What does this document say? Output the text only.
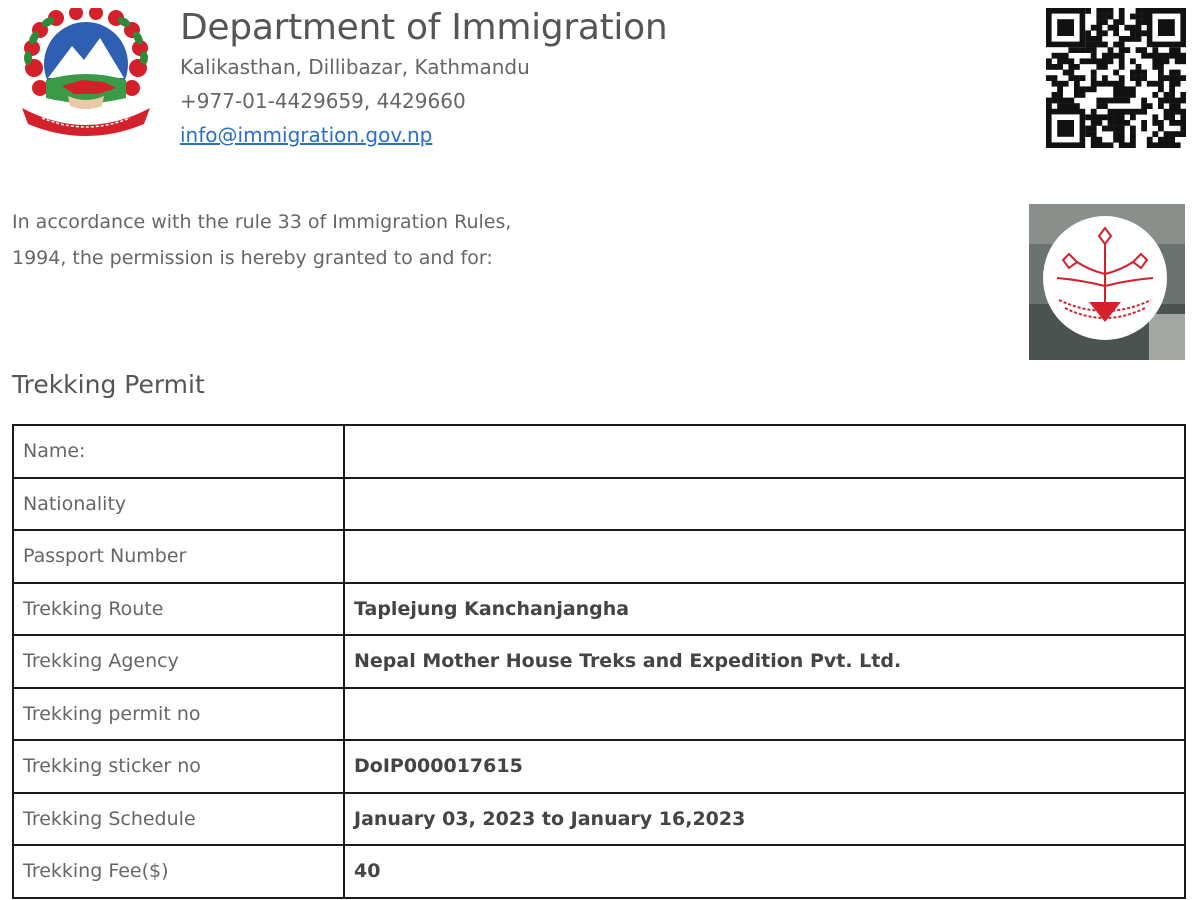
Department of Immigration
Kalikasthan, Dillibazar, Kathmandu
+977-01-4429659, 4429660
info@immigration.gov.np
In accordance with the rule 33 of Immigration Rules,
1994, the permission is hereby granted to and for:
Trekking Permit
Name:	
Nationality	
Passport Number	
Trekking Route	Taplejung Kanchanjangha
Trekking Agency	Nepal Mother House Treks and Expedition Pvt. Ltd.
Trekking permit no	
Trekking sticker no	DoIP000017615
Trekking Schedule	January 03, 2023 to January 16,2023
Trekking Fee($)	40
